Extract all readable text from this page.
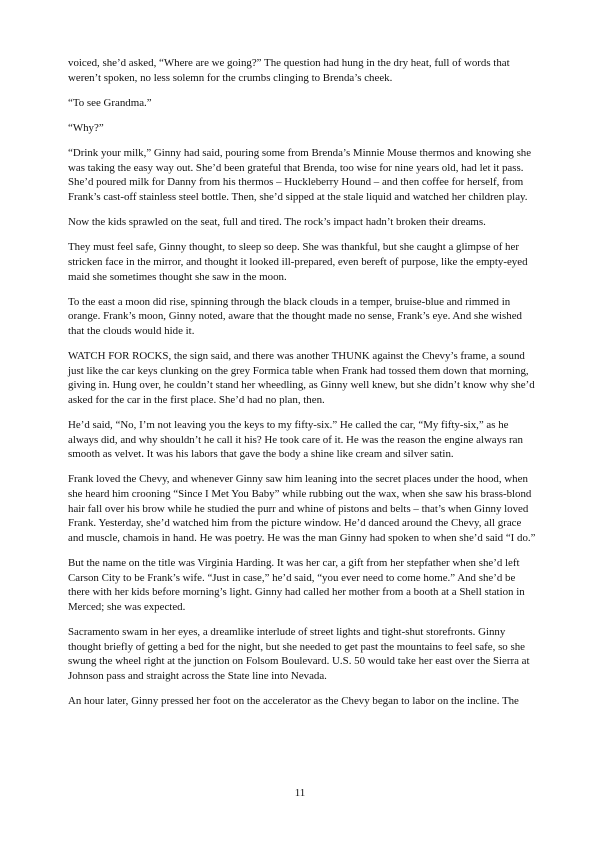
voiced, she’d asked, “Where are we going?” The question had hung in the dry heat, full of words that weren’t spoken, no less solemn for the crumbs clinging to Brenda’s cheek.

“To see Grandma.”

“Why?”

“Drink your milk,” Ginny had said, pouring some from Brenda’s Minnie Mouse thermos and knowing she was taking the easy way out. She’d been grateful that Brenda, too wise for nine years old, had let it pass. She’d poured milk for Danny from his thermos – Huckleberry Hound – and then coffee for herself, from Frank’s cast-off stainless steel bottle. Then, she’d sipped at the stale liquid and watched her children play.

Now the kids sprawled on the seat, full and tired. The rock’s impact hadn’t broken their dreams.

They must feel safe, Ginny thought, to sleep so deep. She was thankful, but she caught a glimpse of her stricken face in the mirror, and thought it looked ill-prepared, even bereft of purpose, like the empty-eyed maid she sometimes thought she saw in the moon.

To the east a moon did rise, spinning through the black clouds in a temper, bruise-blue and rimmed in orange. Frank’s moon, Ginny noted, aware that the thought made no sense, Frank’s eye. And she wished that the clouds would hide it.

WATCH FOR ROCKS, the sign said, and there was another THUNK against the Chevy’s frame, a sound just like the car keys clunking on the grey Formica table when Frank had tossed them down that morning, giving in. Hung over, he couldn’t stand her wheedling, as Ginny well knew, but she didn’t know why she’d asked for the car in the first place. She’d had no plan, then.

He’d said, “No, I’m not leaving you the keys to my fifty-six.” He called the car, “My fifty-six,” as he always did, and why shouldn’t he call it his? He took care of it. He was the reason the engine always ran smooth as velvet. It was his labors that gave the body a shine like cream and silver satin.

Frank loved the Chevy, and whenever Ginny saw him leaning into the secret places under the hood, when she heard him crooning “Since I Met You Baby” while rubbing out the wax, when she saw his brass-blond hair fall over his brow while he studied the purr and whine of pistons and belts – that’s when Ginny loved Frank. Yesterday, she’d watched him from the picture window. He’d danced around the Chevy, all grace and muscle, chamois in hand. He was poetry. He was the man Ginny had spoken to when she’d said “I do.”

But the name on the title was Virginia Harding. It was her car, a gift from her stepfather when she’d left Carson City to be Frank’s wife. “Just in case,” he’d said, “you ever need to come home.” And she’d be there with her kids before morning’s light. Ginny had called her mother from a booth at a Shell station in Merced; she was expected.

Sacramento swam in her eyes, a dreamlike interlude of street lights and tight-shut storefronts. Ginny thought briefly of getting a bed for the night, but she needed to get past the mountains to feel safe, so she swung the wheel right at the junction on Folsom Boulevard. U.S. 50 would take her east over the Sierra at Johnson pass and straight across the State line into Nevada.

An hour later, Ginny pressed her foot on the accelerator as the Chevy began to labor on the incline. The

11
